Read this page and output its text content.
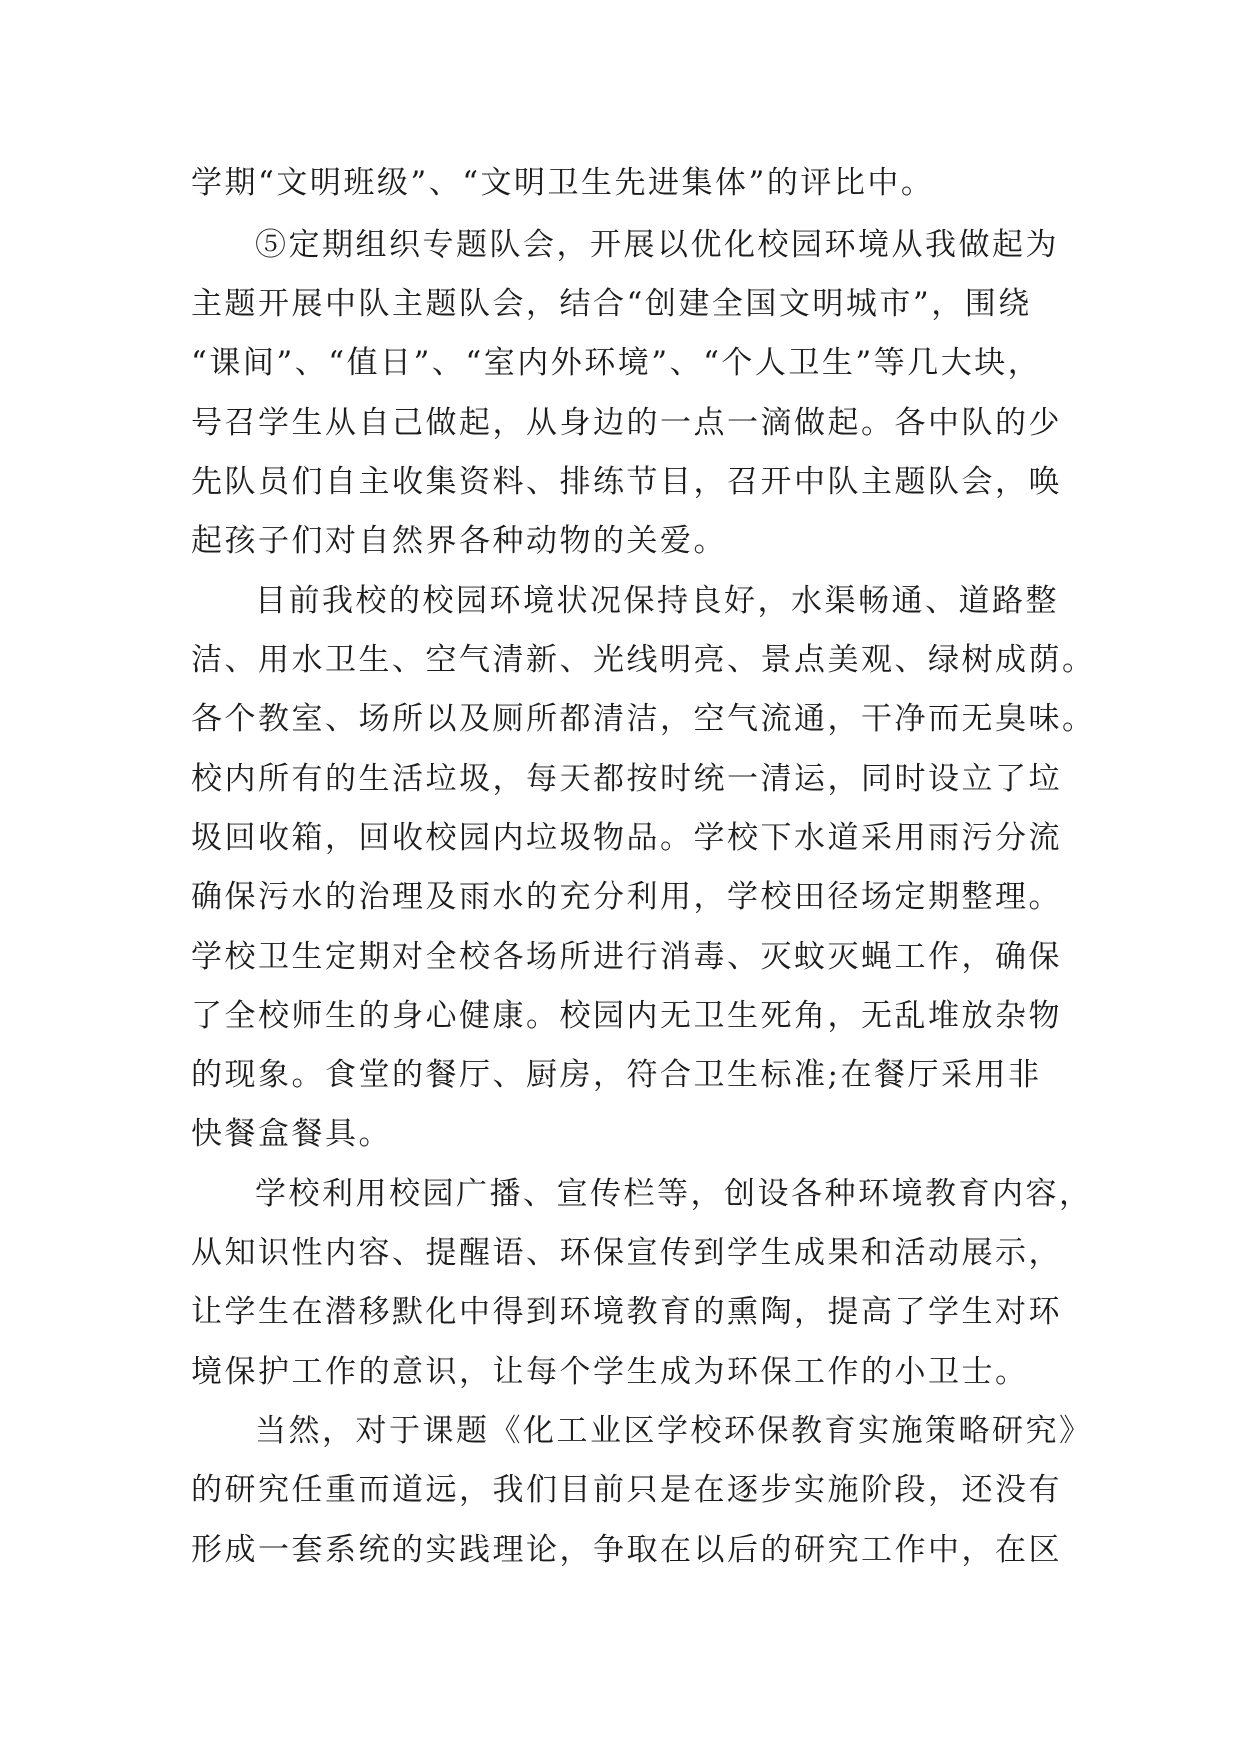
学期“文明班级”、“文明卫生先进集体”的评比中。
⑤定期组织专题队会，开展以优化校园环境从我做起为
主题开展中队主题队会，结合“创建全国文明城市”，围绕
“课间”、“值日”、“室内外环境”、“个人卫生”等几大块，
号召学生从自己做起，从身边的一点一滴做起。各中队的少
先队员们自主收集资料、排练节目，召开中队主题队会，唤
起孩子们对自然界各种动物的关爱。
目前我校的校园环境状况保持良好，水渠畅通、道路整
洁、用水卫生、空气清新、光线明亮、景点美观、绿树成荫。
各个教室、场所以及厕所都清洁，空气流通，干净而无臭味。
校内所有的生活垃圾，每天都按时统一清运，同时设立了垃
圾回收箱，回收校园内垃圾物品。学校下水道采用雨污分流
确保污水的治理及雨水的充分利用，学校田径场定期整理。
学校卫生定期对全校各场所进行消毒、灭蚊灭蝇工作，确保
了全校师生的身心健康。校园内无卫生死角，无乱堆放杂物
的现象。食堂的餐厅、厨房，符合卫生标准;在餐厅采用非
快餐盒餐具。
学校利用校园广播、宣传栏等，创设各种环境教育内容，
从知识性内容、提醒语、环保宣传到学生成果和活动展示，
让学生在潜移默化中得到环境教育的熏陶，提高了学生对环
境保护工作的意识，让每个学生成为环保工作的小卫士。
当然，对于课题《化工业区学校环保教育实施策略研究》
的研究任重而道远，我们目前只是在逐步实施阶段，还没有
形成一套系统的实践理论，争取在以后的研究工作中，在区
